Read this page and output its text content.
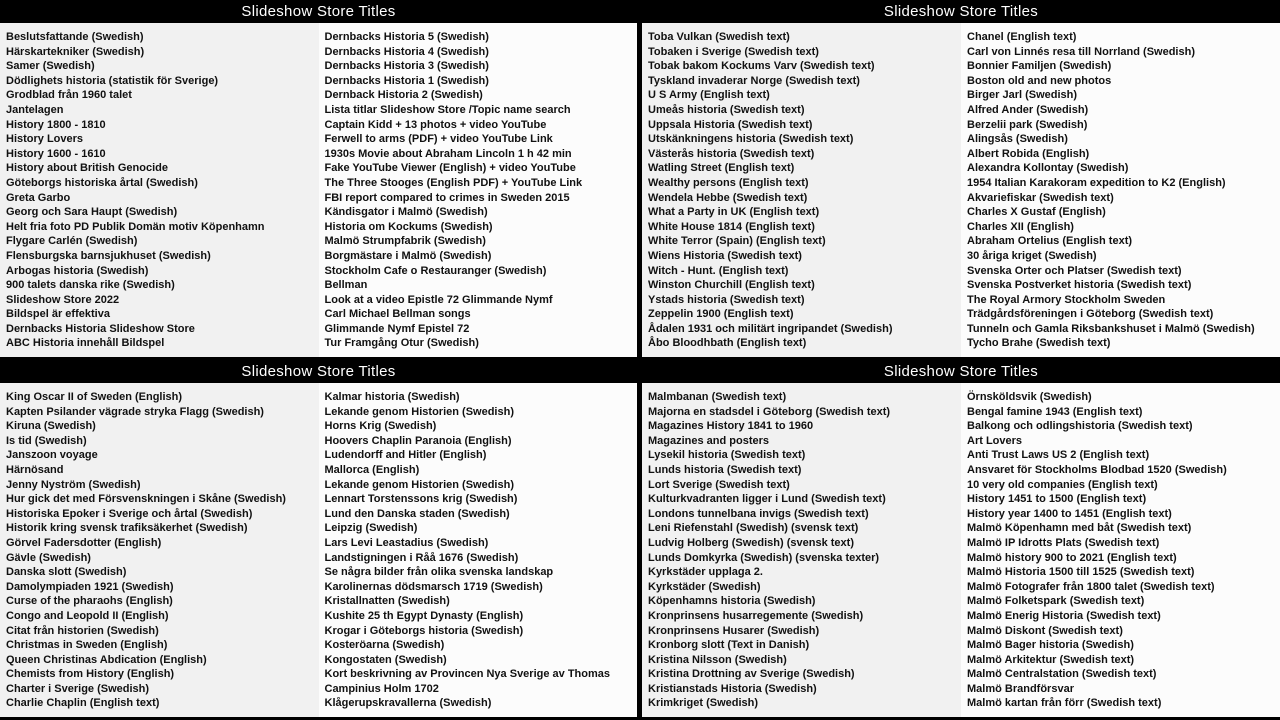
Slideshow Store Titles
Beslutsfattande (Swedish)
Härskartekniker (Swedish)
Samer (Swedish)
Dödlighets historia (statistik för Sverige)
Grodblad från 1960 talet
Jantelagen
History 1800 - 1810
History Lovers
History 1600 - 1610
History about British Genocide
Göteborgs historiska årtal (Swedish)
Greta Garbo
Georg och Sara Haupt (Swedish)
Helt fria foto PD Publik Domän motiv Köpenhamn
Flygare Carlén (Swedish)
Flensburgska barnsjukhuset (Swedish)
Arbogas historia (Swedish)
900 talets danska rike (Swedish)
Slideshow Store 2022
Bildspel är effektiva
Dernbacks Historia Slideshow Store
ABC Historia innehåll Bildspel
Dernbacks Historia 5 (Swedish)
Dernbacks Historia 4 (Swedish)
Dernbacks Historia 3 (Swedish)
Dernbacks Historia 1 (Swedish)
Dernback Historia 2 (Swedish)
Lista titlar Slideshow Store /Topic name search
Captain Kidd + 13 photos + video YouTube
Ferwell to arms (PDF) + video YouTube Link
1930s Movie about Abraham Lincoln 1 h 42 min
Fake YouTube Viewer (English) + video YouTube
The Three Stooges (English PDF) + YouTube Link
FBI report compared to crimes in Sweden 2015
Kändisgator i Malmö (Swedish)
Historia om Kockums (Swedish)
Malmö Strumpfabrik (Swedish)
Borgmästare i Malmö (Swedish)
Stockholm Cafe o Restauranger (Swedish)
Bellman
Look at a video Epistle 72 Glimmande Nymf
Carl Michael Bellman songs
Glimmande Nymf Epistel 72
Tur Framgång Otur (Swedish)
Slideshow Store Titles
Toba Vulkan (Swedish text)
Tobaken i Sverige (Swedish text)
Tobak bakom Kockums Varv (Swedish text)
Tyskland invaderar Norge (Swedish text)
U S Army (English text)
Umeås historia (Swedish text)
Uppsala Historia (Swedish text)
Utskänkningens historia (Swedish text)
Västerås historia (Swedish text)
Watling Street (English text)
Wealthy persons (English text)
Wendela Hebbe (Swedish text)
What a Party in UK (English text)
White House 1814 (English text)
White Terror (Spain) (English text)
Wiens Historia (Swedish text)
Witch - Hunt. (English text)
Winston Churchill (English text)
Ystads historia (Swedish text)
Zeppelin 1900 (English text)
Ådalen 1931 och militärt ingripandet (Swedish)
Åbo Bloodhbath (English text)
Chanel (English text)
Carl von Linnés resa till Norrland (Swedish)
Bonnier Familjen (Swedish)
Boston old and new photos
Birger Jarl (Swedish)
Alfred Ander (Swedish)
Berzelii park (Swedish)
Alingsås (Swedish)
Albert Robida (English)
Alexandra Kollontay (Swedish)
1954 Italian Karakoram expedition to K2 (English)
Akvariefiskar (Swedish text)
Charles X Gustaf (English)
Charles XII (English)
Abraham Ortelius (English text)
30 åriga kriget (Swedish)
Svenska Orter och Platser (Swedish text)
Svenska Postverket historia (Swedish text)
The Royal Armory Stockholm Sweden
Trädgårdsföreningen i Göteborg (Swedish text)
Tunneln och Gamla Riksbankshuset i Malmö (Swedish)
Tycho Brahe (Swedish text)
Slideshow Store Titles
King Oscar II of Sweden (English)
Kapten Psilander vägrade stryka Flagg (Swedish)
Kiruna (Swedish)
Is tid (Swedish)
Janszoon voyage
Härnösand
Jenny Nyström (Swedish)
Hur gick det med Försvenskningen i Skåne (Swedish)
Historiska Epoker i Sverige och årtal (Swedish)
Historik kring svensk trafiksäkerhet (Swedish)
Görvel Fadersdotter (English)
Gävle (Swedish)
Danska slott (Swedish)
Damolympiaden 1921 (Swedish)
Curse of the pharaohs (English)
Congo and Leopold II (English)
Citat från historien (Swedish)
Christmas in Sweden (English)
Queen Christinas Abdication (English)
Chemists from History (English)
Charter i Sverige (Swedish)
Charlie Chaplin (English text)
Kalmar historia (Swedish)
Lekande genom Historien (Swedish)
Horns Krig (Swedish)
Hoovers Chaplin Paranoia (English)
Ludendorff and Hitler (English)
Mallorca (English)
Lekande genom Historien (Swedish)
Lennart Torstenssons krig (Swedish)
Lund den Danska staden (Swedish)
Leipzig (Swedish)
Lars Levi Leastadius (Swedish)
Landstigningen i Råå 1676 (Swedish)
Se några bilder från olika svenska landskap
Karolinernas dödsmarsch 1719 (Swedish)
Kristallnatten (Swedish)
Kushite 25 th Egypt Dynasty (English)
Krogar i Göteborgs historia (Swedish)
Kosteröarna (Swedish)
Kongostaten (Swedish)
Kort beskrivning av Provincen Nya Sverige av Thomas
Campinius Holm 1702
Klågerupskravallerna (Swedish)
Slideshow Store Titles
Malmbanan (Swedish text)
Majorna en stadsdel i Göteborg (Swedish text)
Magazines History 1841 to 1960
Magazines and posters
Lysekil historia (Swedish text)
Lunds historia (Swedish text)
Lort Sverige (Swedish text)
Kulturkvadranten ligger i Lund (Swedish text)
Londons tunnelbana invigs (Swedish text)
Leni Riefenstahl (Swedish) (svensk text)
Ludvig Holberg (Swedish) (svensk text)
Lunds Domkyrka (Swedish) (svenska texter)
Kyrkstäder upplaga 2.
Kyrkstäder (Swedish)
Köpenhamns historia (Swedish)
Kronprinsens husarregemente (Swedish)
Kronprinsens Husarer (Swedish)
Kronborg slott (Text in Danish)
Kristina Nilsson (Swedish)
Kristina Drottning av Sverige (Swedish)
Kristianstads Historia (Swedish)
Krimkriget (Swedish)
Örnsköldsvik (Swedish)
Bengal famine 1943 (English text)
Balkong och odlingshistoria (Swedish text)
Art Lovers
Anti Trust Laws US 2 (English text)
Ansvaret för Stockholms Blodbad 1520 (Swedish)
10 very old companies (English text)
History 1451 to 1500 (English text)
History year 1400 to 1451 (English text)
Malmö Köpenhamn med båt (Swedish text)
Malmö IP Idrotts Plats (Swedish text)
Malmö history 900 to 2021 (English text)
Malmö Historia 1500 till 1525 (Swedish text)
Malmö Fotografer från 1800 talet (Swedish text)
Malmö Folketspark (Swedish text)
Malmö Enerig Historia (Swedish text)
Malmö Diskont (Swedish text)
Malmö Bager historia (Swedish)
Malmö Arkitektur (Swedish text)
Malmö Centralstation (Swedish text)
Malmö Brandförsvar
Malmö kartan från förr (Swedish text)
